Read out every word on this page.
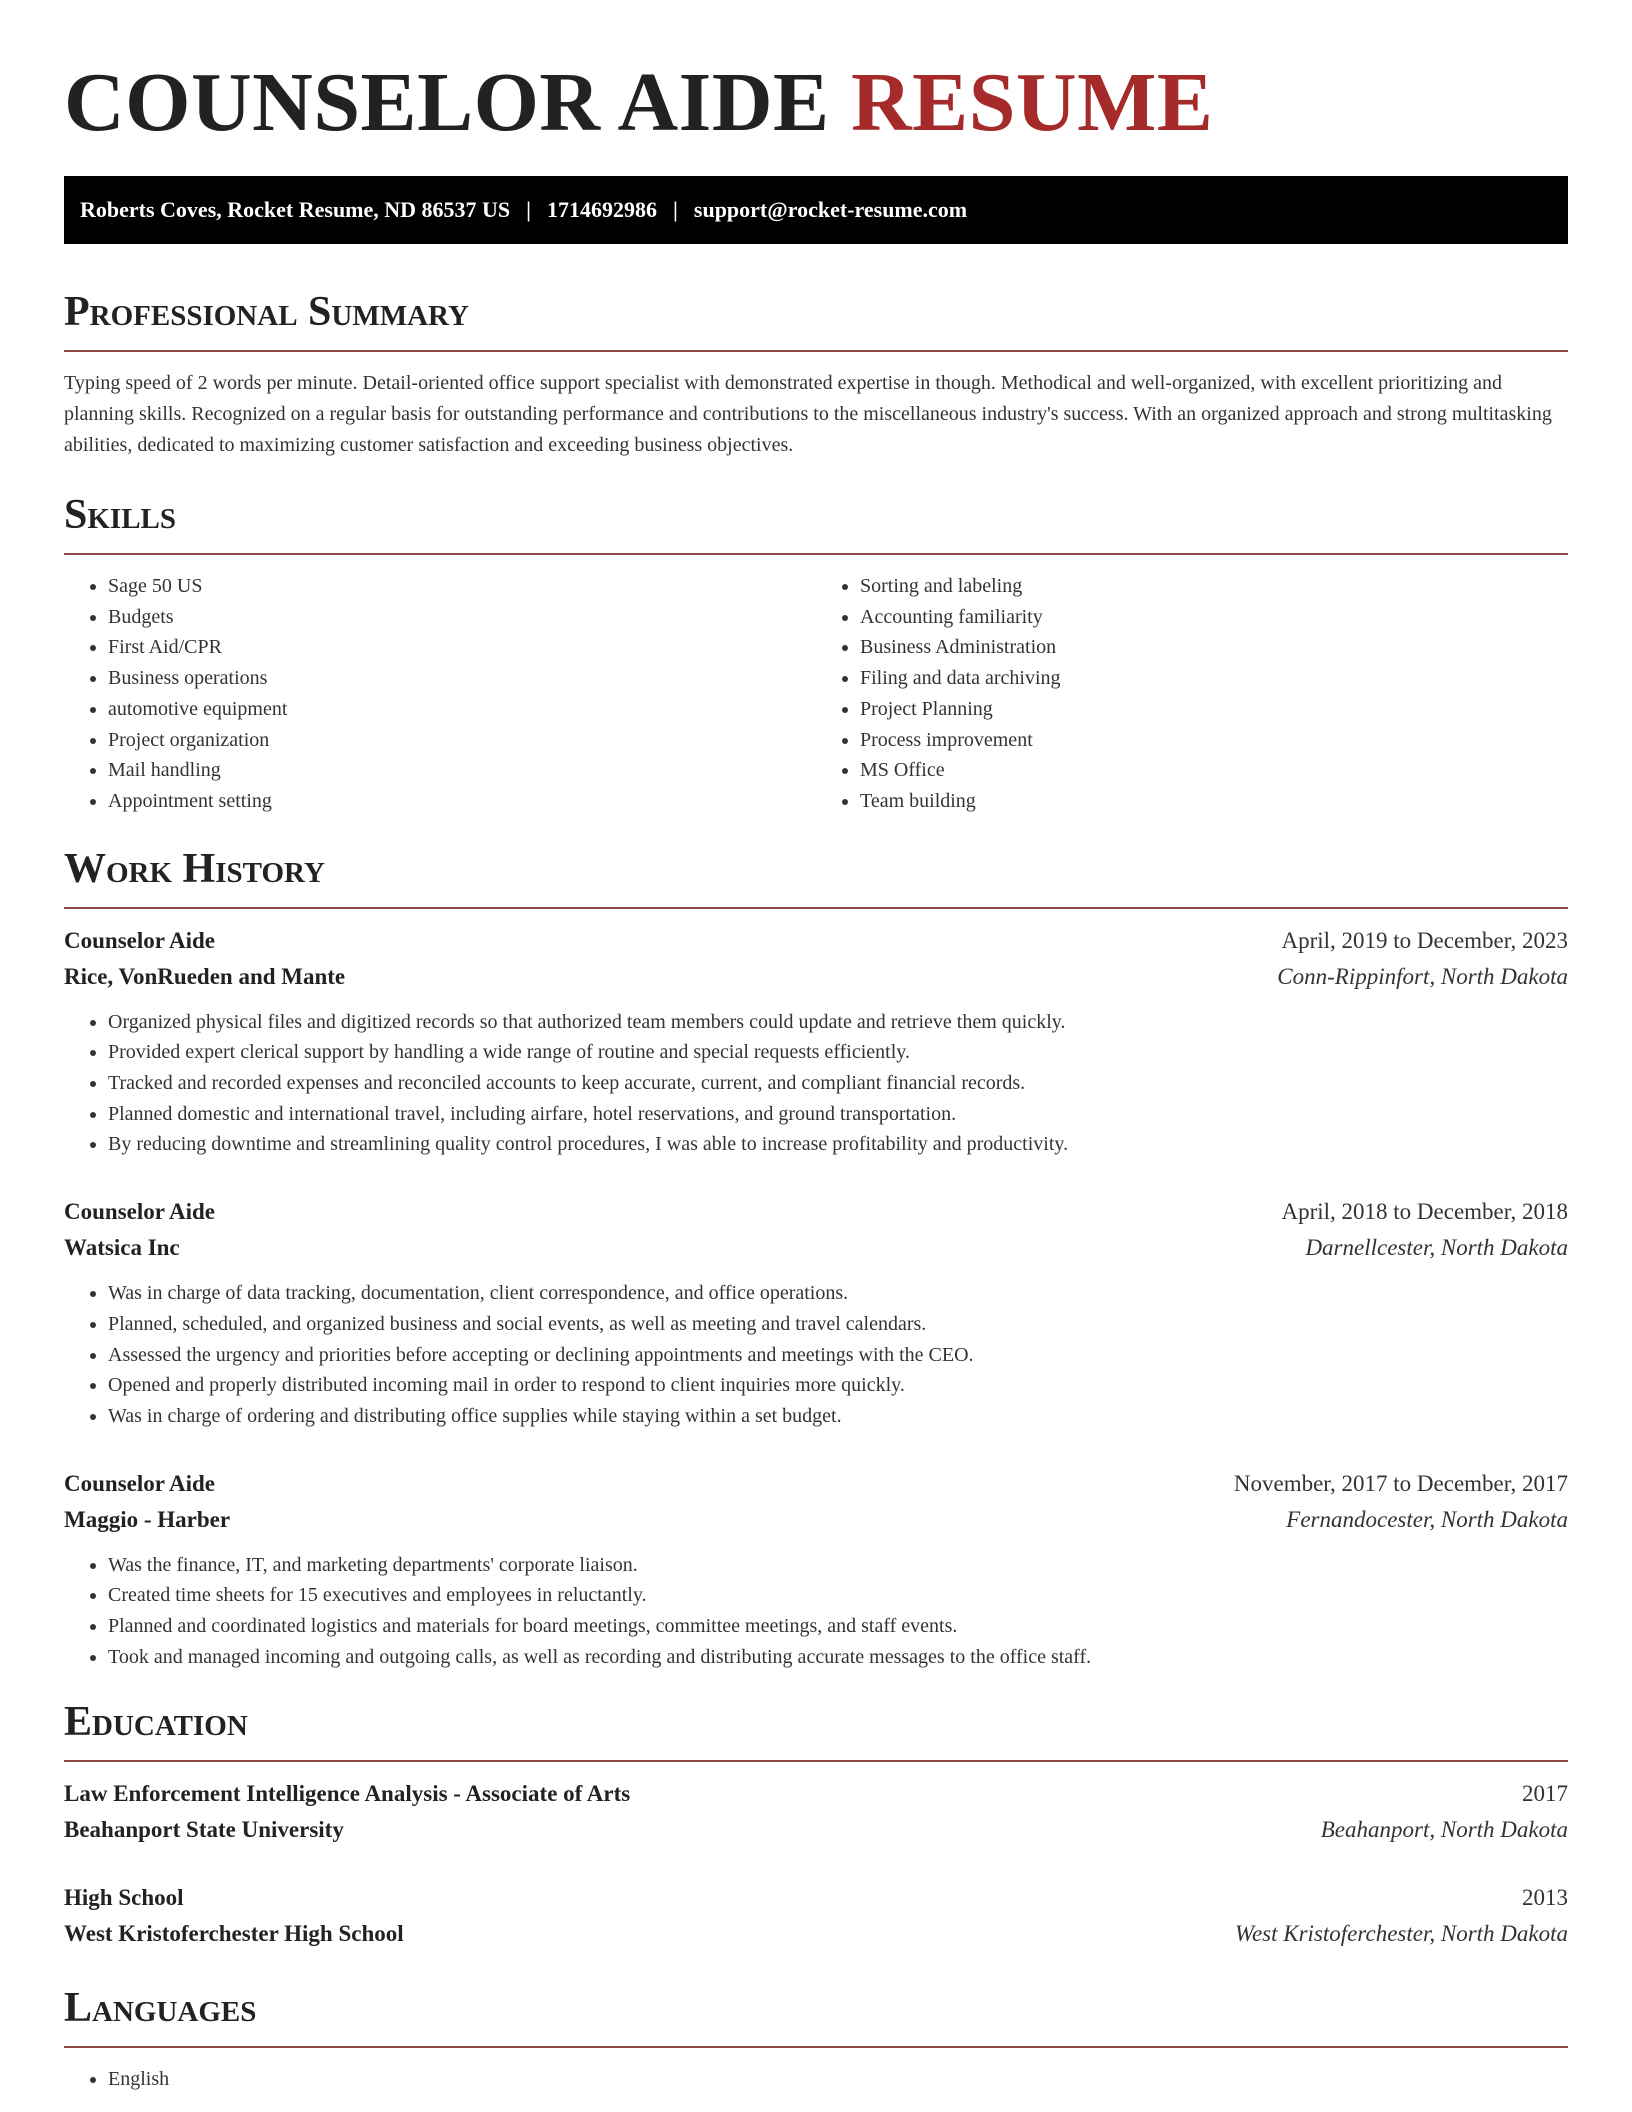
COUNSELOR AIDE RESUME
Roberts Coves, Rocket Resume, ND 86537 US | 1714692986 | support@rocket-resume.com
Professional Summary

Typing speed of 2 words per minute. Detail-oriented office support specialist with demonstrated expertise in though. Methodical and well-organized, with excellent prioritizing and planning skills. Recognized on a regular basis for outstanding performance and contributions to the miscellaneous industry's success. With an organized approach and strong multitasking abilities, dedicated to maximizing customer satisfaction and exceeding business objectives.

Skills
• Sage 50 US
• Budgets
• First Aid/CPR
• Business operations
• automotive equipment
• Project organization
• Mail handling
• Appointment setting
• Sorting and labeling
• Accounting familiarity
• Business Administration
• Filing and data archiving
• Project Planning
• Process improvement
• MS Office
• Team building
Work History
Counselor Aide	April, 2019 to December, 2023
Rice, VonRueden and Mante	Conn-Rippinfort, North Dakota
• Organized physical files and digitized records so that authorized team members could update and retrieve them quickly.
• Provided expert clerical support by handling a wide range of routine and special requests efficiently.
• Tracked and recorded expenses and reconciled accounts to keep accurate, current, and compliant financial records.
• Planned domestic and international travel, including airfare, hotel reservations, and ground transportation.
• By reducing downtime and streamlining quality control procedures, I was able to increase profitability and productivity.
Counselor Aide	April, 2018 to December, 2018
Watsica Inc	Darnellcester, North Dakota
• Was in charge of data tracking, documentation, client correspondence, and office operations.
• Planned, scheduled, and organized business and social events, as well as meeting and travel calendars.
• Assessed the urgency and priorities before accepting or declining appointments and meetings with the CEO.
• Opened and properly distributed incoming mail in order to respond to client inquiries more quickly.
• Was in charge of ordering and distributing office supplies while staying within a set budget.
Counselor Aide	November, 2017 to December, 2017
Maggio - Harber	Fernandocester, North Dakota
• Was the finance, IT, and marketing departments' corporate liaison.
• Created time sheets for 15 executives and employees in reluctantly.
• Planned and coordinated logistics and materials for board meetings, committee meetings, and staff events.
• Took and managed incoming and outgoing calls, as well as recording and distributing accurate messages to the office staff.
Education
Law Enforcement Intelligence Analysis - Associate of Arts	2017
Beahanport State University	Beahanport, North Dakota
High School	2013
West Kristoferchester High School	West Kristoferchester, North Dakota
Languages
• English
